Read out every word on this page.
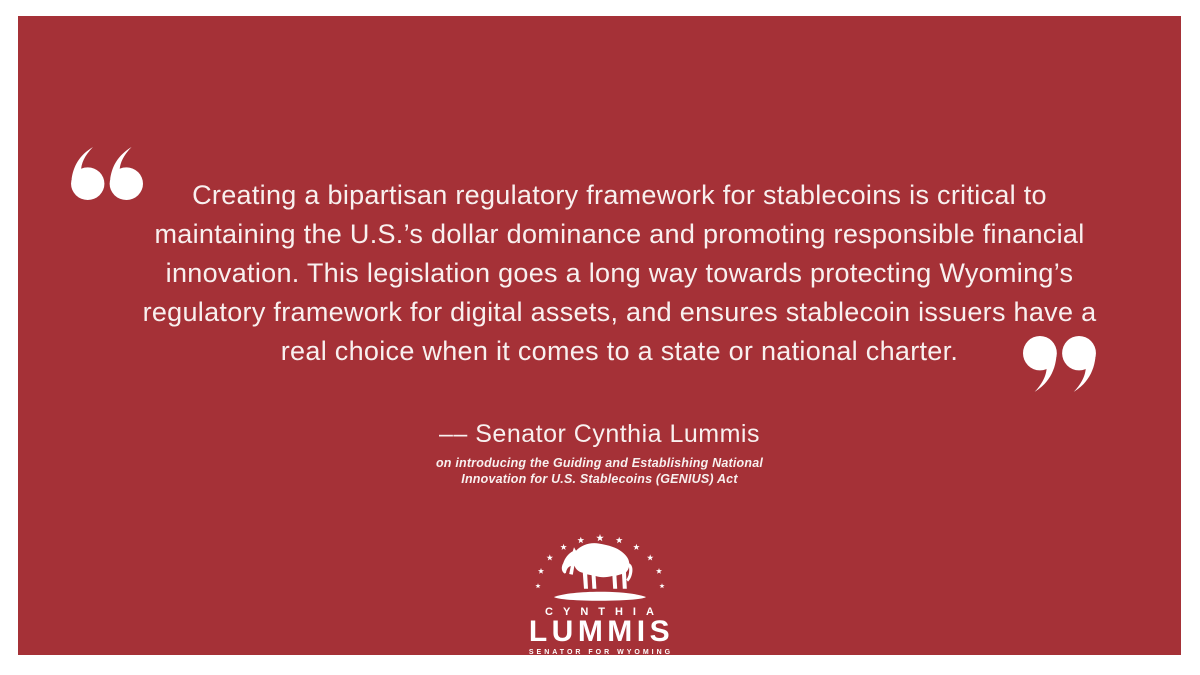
Creating a bipartisan regulatory framework for stablecoins is critical to
maintaining the U.S.’s dollar dominance and promoting responsible financial
innovation. This legislation goes a long way towards protecting Wyoming’s
regulatory framework for digital assets, and ensures stablecoin issuers have a
real choice when it comes to a state or national charter.
–– Senator Cynthia Lummis
on introducing the Guiding and Establishing National
Innovation for U.S. Stablecoins (GENIUS) Act
CYNTHIA
LUMMIS
SENATOR FOR WYOMING
